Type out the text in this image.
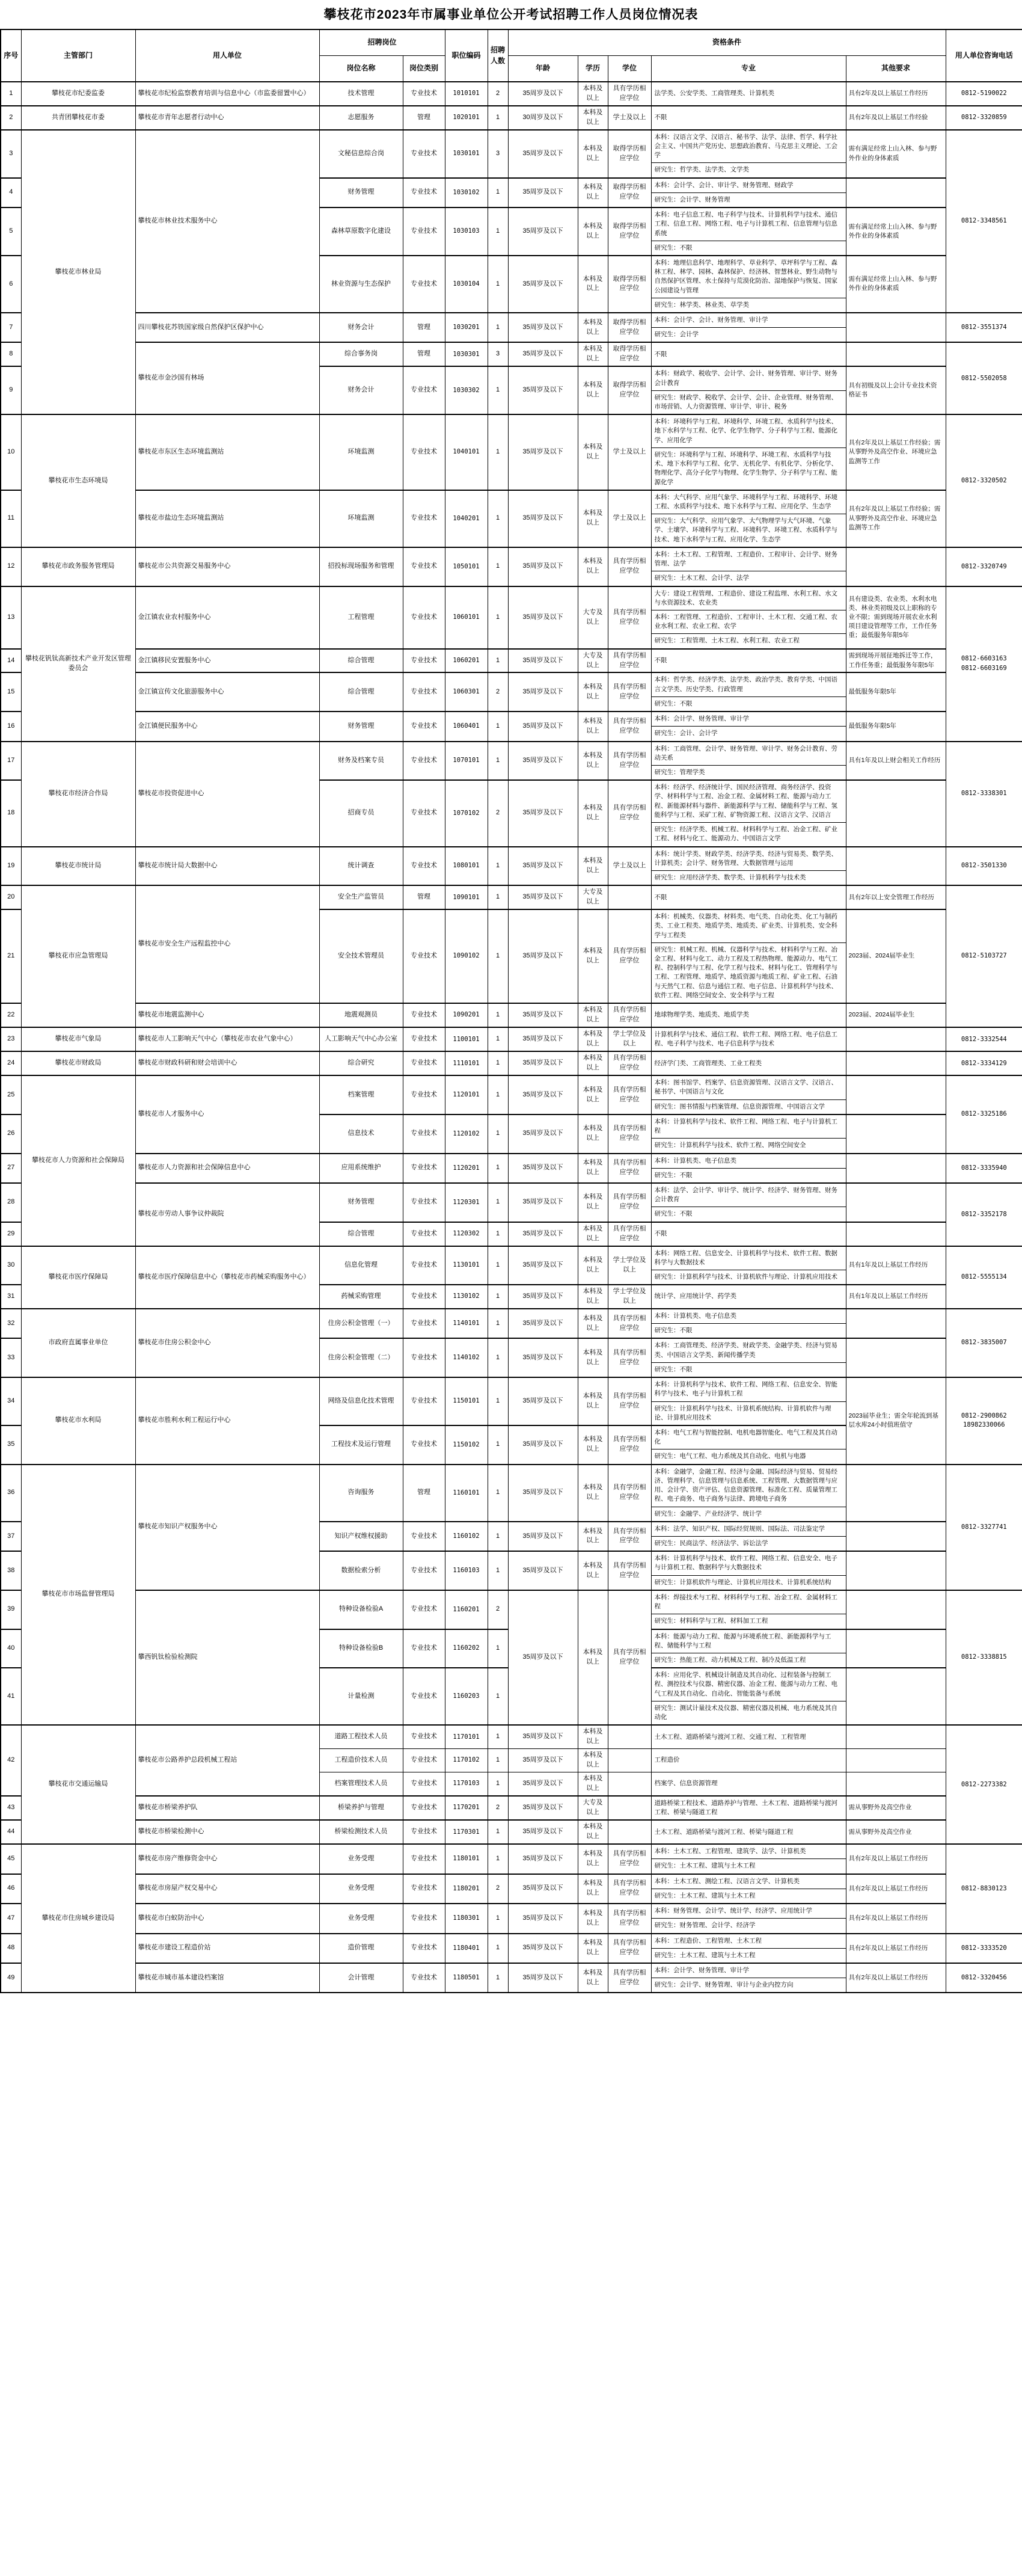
攀枝花市2023年市属事业单位公开考试招聘工作人员岗位情况表
序号	主管部门	用人单位	招聘岗位		职位编码	招聘人数	资格条件					用人单位咨询电话
			岗位名称	岗位类别			年龄	学历	学位	专业	其他要求	
1	攀枝花市纪委监委	攀枝花市纪检监察教育培训与信息中心（市监委留置中心）	技术管理	专业技术	1010101	2	35周岁及以下	本科及以上	具有学历相应学位	法学类、公安学类、工商管理类、计算机类	具有2年及以上基层工作经历	0812-5190022
2	共青团攀枝花市委	攀枝花市青年志愿者行动中心	志愿服务	管理	1020101	1	30周岁及以下	本科及以上	学士及以上	不限	具有2年及以上基层工作经验	0812-3320859
3	攀枝花市林业局	攀枝花市林业技术服务中心	文秘信息综合岗	专业技术	1030101	3	35周岁及以下	本科及以上	取得学历相应学位	本科：汉语言文学、汉语言、秘书学、法学、法律、哲学、科学社会主义、中国共产党历史、思想政治教育、马克思主义理论、工会学
研究生：哲学类、法学类、文学类	需有满足经常上山入林、参与野外作业的身体素质	0812-3348561
4			财务管理	专业技术	1030102	1	35周岁及以下	本科及以上	取得学历相应学位	本科：会计学、会计、审计学、财务管理、财政学
研究生：会计学、财务管理		

5			森林草原数字化建设	专业技术	1030103	1	35周岁及以下	本科及以上	取得学历相应学位	本科：电子信息工程、电子科学与技术、计算机科学与技术、通信工程、信息工程、网络工程、电子与计算机工程、信息管理与信息系统
研究生：不限	需有满足经常上山入林、参与野外作业的身体素质	
6			林业资源与生态保护	专业技术	1030104	1	35周岁及以下	本科及以上	取得学历相应学位	本科：地理信息科学、地理科学、草业科学、草坪科学与工程、森林工程、林学、园林、森林保护、经济林、智慧林业、野生动物与自然保护区管理、水土保持与荒漠化防治、湿地保护与恢复、国家公园建设与管理
研究生：林学类、林业类、草学类	需有满足经常上山入林、参与野外作业的身体素质	
7		四川攀枝花苏铁国家级自然保护区保护中心	财务会计	管理	1030201	1	35周岁及以下	本科及以上	取得学历相应学位	本科：会计学、会计、财务管理、审计学
研究生：会计学		0812-3551374
8		攀枝花市金沙国有林场	综合事务岗	管理	1030301	3	35周岁及以下	本科及以上	取得学历相应学位	不限		0812-5502058
9			财务会计	专业技术	1030302	1	35周岁及以下	本科及以上	取得学历相应学位	本科：财政学、税收学、会计学、会计、财务管理、审计学、财务会计教育
研究生：财政学、税收学、会计学、会计、企业管理、财务管理、市场营销、人力资源管理、审计学、审计、税务	具有初级及以上会计专业技术资格证书	
10	攀枝花市生态环境局	攀枝花市东区生态环境监测站	环境监测	专业技术	1040101	1	35周岁及以下	本科及以上	学士及以上	本科：环境科学与工程、环境科学、环境工程、水质科学与技术、地下水科学与工程、化学、化学生物学、分子科学与工程、能源化学、应用化学
研究生：环境科学与工程、环境科学、环境工程、水质科学与技术、地下水科学与工程、化学、无机化学、有机化学、分析化学、物理化学、高分子化学与物理、化学生物学、分子科学与工程、能源化学	具有2年及以上基层工作经验；需从事野外及高空作业、环境应急监测等工作	0812-3320502
11		攀枝花市盐边生态环境监测站	环境监测	专业技术	1040201	1	35周岁及以下	本科及以上	学士及以上	本科：大气科学、应用气象学、环境科学与工程、环境科学、环境工程、水质科学与技术、地下水科学与工程、应用化学、生态学
研究生：大气科学、应用气象学、大气物理学与大气环境、气象学、土壤学、环境科学与工程、环境科学、环境工程、水质科学与技术、地下水科学与工程、应用化学、生态学	具有2年及以上基层工作经验；需从事野外及高空作业、环境应急监测等工作	
12	攀枝花市政务服务管理局	攀枝花市公共资源交易服务中心	招投标现场服务和管理	专业技术	1050101	1	35周岁及以下	本科及以上	具有学历相应学位	本科：土木工程、工程管理、工程造价、工程审计、会计学、财务管理、法学
研究生：土木工程、会计学、法学		0812-3320749
13	攀枝花钒钛高新技术产业开发区管理委员会	金江镇农业农村服务中心	工程管理	专业技术	1060101	1	35周岁及以下	大专及以上	具有学历相应学位	
大专：建设工程管理、工程造价、建设工程监理、水利工程、水文与水资源技术、农业类
本科：工程管理、工程造价、工程审计、土木工程、交通工程、农业水利工程、农业工程、农学
研究生：工程管理、土木工程、水利工程、农业工程
	具有建设类、农业类、水利水电类、林业类初级及以上职称的专业不限；需到现场开展农业水利项目建设管理等工作，工作任务重；最低服务年限5年	
0812-6603163
0812-6603169

14		金江镇移民安置服务中心	综合管理	专业技术	1060201	1	35周岁及以下	大专及以上	具有学历相应学位	不限	需到现场开展征地拆迁等工作，工作任务重；最低服务年限5年	
15		金江镇宣传文化旅游服务中心	综合管理	专业技术	1060301	2	35周岁及以下	本科及以上	具有学历相应学位	本科：哲学类、经济学类、法学类、政治学类、教育学类、中国语言文学类、历史学类、行政管理
研究生：不限	最低服务年限5年	
16		金江镇便民服务中心	财务管理	专业技术	1060401	1	35周岁及以下	本科及以上	具有学历相应学位	本科：会计学、财务管理、审计学
研究生：会计、会计学	最低服务年限5年	
17	攀枝花市经济合作局	攀枝花市投资促进中心	财务及档案专员	专业技术	1070101	1	35周岁及以下	本科及以上	具有学历相应学位	本科：工商管理、会计学、财务管理、审计学、财务会计教育、劳动关系
研究生：管理学类	具有1年及以上财会相关工作经历	0812-3338301
18			招商专员	专业技术	1070102	2	35周岁及以下	本科及以上	具有学历相应学位	本科：经济学、经济统计学、国民经济管理、商务经济学、投资学、材料科学与工程、冶金工程、金属材料工程、能源与动力工程、新能源材料与器件、新能源科学与工程、储能科学与工程、氢能科学与工程、采矿工程、矿物资源工程、汉语言文学、汉语言
研究生：经济学类、机械工程、材料科学与工程、冶金工程、矿业工程、材料与化工、能源动力、中国语言文学		

19	攀枝花市统计局	攀枝花市统计局大数据中心	统计调查	专业技术	1080101	1	35周岁及以下	本科及以上	学士及以上	本科：统计学类、财政学类、经济学类、经济与贸易类、数学类、计算机类；会计学、财务管理、大数据管理与运用
研究生：应用经济学类、数学类、计算机科学与技术类		0812-3501330
20	攀枝花市应急管理局	攀枝花市安全生产远程监控中心	安全生产监管员	管理	1090101	1	35周岁及以下	大专及以上		不限	具有2年以上安全管理工作经历	0812-5103727
21			安全技术管理员	专业技术	1090102	1	35周岁及以下	本科及以上	具有学历相应学位	本科：机械类、仪器类、材料类、电气类、自动化类、化工与制药类、工业工程类、地质学类、地质类、矿业类、计算机类、安全科学与工程类
研究生：机械工程、机械、仪器科学与技术、材料科学与工程、冶金工程、材料与化工、动力工程及工程热物理、能源动力、电气工程、控制科学与工程、化学工程与技术、材料与化工、管理科学与工程、工程管理、地质学、地质资源与地质工程、矿业工程、石油与天然气工程、信息与通信工程、电子信息、计算机科学与技术、软件工程、网络空间安全、安全科学与工程	2023届、2024届毕业生	
22		攀枝花市地震监测中心	地震观测员	专业技术	1090201	1	35周岁及以下	本科及以上	具有学历相应学位	地球物理学类、地质类、地质学类	2023届、2024届毕业生	
23	攀枝花市气象局	攀枝花市人工影响天气中心（攀枝花市农业气象中心）	人工影响天气中心办公室	专业技术	1100101	1	35周岁及以下	本科及以上	学士学位及以上	计算机科学与技术、通信工程、软件工程、网络工程、电子信息工程、电子科学与技术、电子信息科学与技术		0812-3332544
24	攀枝花市财政局	攀枝花市财政科研和财会培训中心	综合研究	专业技术	1110101	1	35周岁及以下	本科及以上	具有学历相应学位	经济学门类、工商管理类、工业工程类		0812-3334129
25	攀枝花市人力资源和社会保障局	攀枝花市人才服务中心	档案管理	专业技术	1120101	1	35周岁及以下	本科及以上	具有学历相应学位	本科：图书馆学、档案学、信息资源管理、汉语言文学、汉语言、秘书学、中国语言与文化
研究生：图书情报与档案管理、信息资源管理、中国语言文学		0812-3325186
26			信息技术	专业技术	1120102	1	35周岁及以下	本科及以上	具有学历相应学位	本科：计算机科学与技术、软件工程、网络工程、电子与计算机工程
研究生：计算机科学与技术、软件工程、网络空间安全		

27		攀枝花市人力资源和社会保障信息中心	应用系统维护	专业技术	1120201	1	35周岁及以下	本科及以上	具有学历相应学位	本科：计算机类、电子信息类
研究生：不限		0812-3335940
28		攀枝花市劳动人事争议仲裁院	财务管理	专业技术	1120301	1	35周岁及以下	本科及以上	具有学历相应学位	本科：法学、会计学、审计学、统计学、经济学、财务管理、财务会计教育
研究生：不限		0812-3352178
29			综合管理	专业技术	1120302	1	35周岁及以下	本科及以上	具有学历相应学位	不限		

30	攀枝花市医疗保障局	攀枝花市医疗保障信息中心（攀枝花市药械采购服务中心）	信息化管理	专业技术	1130101	1	35周岁及以下	本科及以上	学士学位及以上	本科：网络工程、信息安全、计算机科学与技术、软件工程、数据科学与大数据技术
研究生：计算机科学与技术、计算机软件与理论、计算机应用技术	具有1年及以上基层工作经历	0812-5555134
31			药械采购管理	专业技术	1130102	1	35周岁及以下	本科及以上	学士学位及以上	统计学、应用统计学、药学类	具有1年及以上基层工作经历	
32	市政府直属事业单位	攀枝花市住房公积金中心	住房公积金管理（一）	专业技术	1140101	1	35周岁及以下	本科及以上	具有学历相应学位	本科：计算机类、电子信息类
研究生：不限		0812-3835007
33			住房公积金管理（二）	专业技术	1140102	1	35周岁及以下	本科及以上	具有学历相应学位	本科：工商管理类、经济学类、财政学类、金融学类、经济与贸易类、中国语言文学类、新闻传播学类
研究生：不限		

34	攀枝花市水利局	攀枝花市胜利水利工程运行中心	网络及信息化技术管理	专业技术	1150101	1	35周岁及以下	本科及以上	具有学历相应学位	
本科：计算机科学与技术、软件工程、网络工程、信息安全、智能科学与技术、电子与计算机工程
研究生：计算机科学与技术、计算机系统结构、计算机软件与理论、计算机应用技术	2023届毕业生；需全年轮流到基层水库24小时值班值守	
0812-2900862
18982330066

35			工程技术及运行管理	专业技术	1150102	1	35周岁及以下	本科及以上	具有学历相应学位	本科：电气工程与智能控制、电机电器智能化、电气工程及其自动化
研究生：电气工程、电力系统及其自动化、电机与电器		

36	攀枝花市市场监督管理局	攀枝花市知识产权服务中心	咨询服务	管理	1160101	1	35周岁及以下	本科及以上	具有学历相应学位	本科：金融学，金融工程、经济与金融、国际经济与贸易、贸易经济、管理科学、信息管理与信息系统、工程管理、大数据管理与应用、会计学、资产评估、信息资源管理、标准化工程、质量管理工程、电子商务、电子商务与法律、跨境电子商务
研究生：金融学、产业经济学、统计学		0812-3327741
37			知识产权维权援助	专业技术	1160102	1	35周岁及以下	本科及以上	具有学历相应学位	本科：法学、知识产权、国际经贸规则、国际法、司法鉴定学
研究生：民商法学、经济法学、诉讼法学		

38			数据检索分析	专业技术	1160103	1	35周岁及以下	本科及以上	具有学历相应学位	本科：计算机科学与技术、软件工程、网络工程、信息安全、电子与计算机工程、数据科学与大数据技术
研究生：计算机软件与理论、计算机应用技术、计算机系统结构		

39		攀西钒钛检验检测院	特种设备检验A	专业技术	1160201	2	35周岁及以下	本科及以上	具有学历相应学位	本科：焊接技术与工程、材料科学与工程、冶金工程、金属材料工程
研究生：材料科学与工程、材料加工工程		0812-3338815
40			特种设备检验B	专业技术	1160202	1				本科：能源与动力工程、能源与环境系统工程、新能源科学与工程、储能科学与工程
研究生：热能工程、动力机械及工程、制冷及低温工程		

41			计量检测	专业技术	1160203	1				本科：应用化学、机械设计制造及其自动化、过程装备与控制工程、测控技术与仪器、精密仪器、冶金工程、能源与动力工程、电气工程及其自动化、自动化、智能装备与系统
研究生：测试计量技术及仪器、精密仪器及机械、电力系统及其自动化		

42	攀枝花市交通运输局	攀枝花市公路养护总段机械工程站	道路工程技术人员	专业技术	1170101	1	35周岁及以下	本科及以上		土木工程、道路桥梁与渡河工程、交通工程、工程管理		0812-2273382
			工程造价技术人员	专业技术	1170102	1	35周岁及以下	本科及以上		工程造价		

			档案管理技术人员	专业技术	1170103	1	35周岁及以下	本科及以上		档案学、信息资源管理		

43		攀枝花市桥梁养护队	桥梁养护与管理	专业技术	1170201	2	35周岁及以下	大专及以上		道路桥梁工程技术、道路养护与管理、土木工程、道路桥梁与渡河工程、桥梁与隧道工程	需从事野外及高空作业	
44		攀枝花市桥梁检测中心	桥梁检测技术人员	专业技术	1170301	1	35周岁及以下	本科及以上		土木工程、道路桥梁与渡河工程、桥梁与隧道工程	需从事野外及高空作业	
45	攀枝花市住房城乡建设局	攀枝花市房产维修资金中心	业务受理	专业技术	1180101	1	35周岁及以下	本科及以上	具有学历相应学位	本科：土木工程、工程管理、建筑学、法学、计算机类
研究生：土木工程、建筑与土木工程	具有2年及以上基层工作经历	0812-8830123
46		攀枝花市房屋产权交易中心	业务受理	专业技术	1180201	2	35周岁及以下	本科及以上	具有学历相应学位	本科：土木工程、测绘工程、汉语言文学、计算机类
研究生：土木工程、建筑与土木工程	具有2年及以上基层工作经历	
47		攀枝花市白蚁防治中心	业务受理	专业技术	1180301	1	35周岁及以下	本科及以上	具有学历相应学位	本科：财务管理、会计学、统计学、经济学、应用统计学
研究生：财务管理、会计学、经济学	具有2年及以上基层工作经历	
48		攀枝花市建设工程造价站	造价管理	专业技术	1180401	1	35周岁及以下	本科及以上	具有学历相应学位	本科：工程造价、工程管理、土木工程
研究生：土木工程、建筑与土木工程	具有2年及以上基层工作经历	0812-3333520
49		攀枝花市城市基本建设档案馆	会计管理	专业技术	1180501	1	35周岁及以下	本科及以上	具有学历相应学位	本科：会计学、财务管理、审计学
研究生：会计学、财务管理、审计与企业内控方向	具有2年及以上基层工作经历	0812-3320456
